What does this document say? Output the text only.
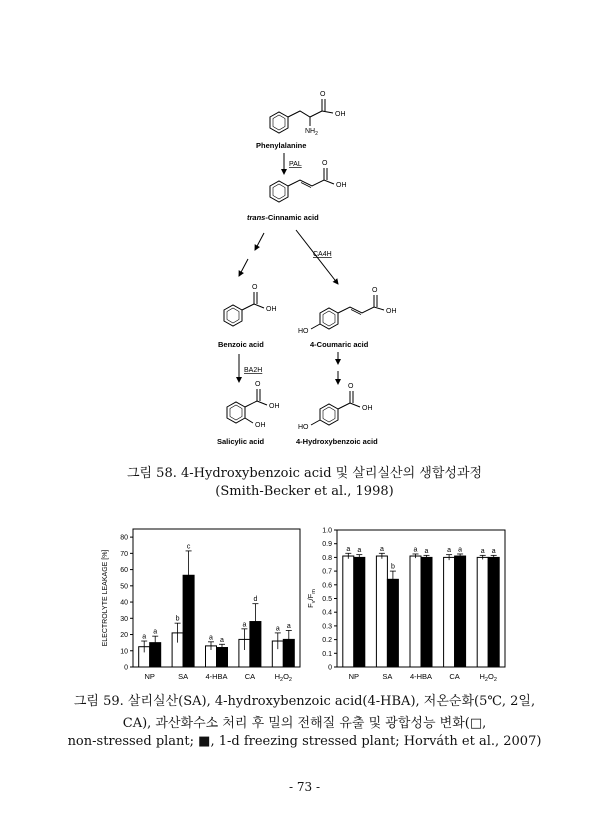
O
OH
$NH_2$
Phenylalanine
PAL	O
OH
trans-Cinnamic acid
CA4H
O
OH
Benzoic acid
O
OH
HO
4-Coumaric acid
BA2H
O
OH
OH
Salicylic acid
O
OH
HO
4-Hydroxybenzoic acid
그림 58. 4-Hydroxybenzoic acid 및 살리실산의 생합성과정
(Smith-Becker et al., 1998)
0
10
20
30
40
50
60
70
80
ELECTROLYTE LEAKAGE [%]	a
a
NP
b
c
SA
a a
4-HBA
a
d
CA
a a
$H_2O_2$
0
0.1
0.2
0.3
0.4
0.5
0.6
0.7
0.8
0.9
1.0
$F_v/F_m$
a a
NP
a
b
SA
a a
4-HBA
a a
CA
a a
$H_2O_2$
그림 59. 살리실산(SA), 4-hydroxybenzoic acid(4-HBA), 저온순화(5℃, 2일,
CA), 과산화수소 처리 후 밀의 전해질 유출 및 광합성능 변화(□,
non-stressed plant; ■, 1-d freezing stressed plant; Horváth et al., 2007)
- 73 -
